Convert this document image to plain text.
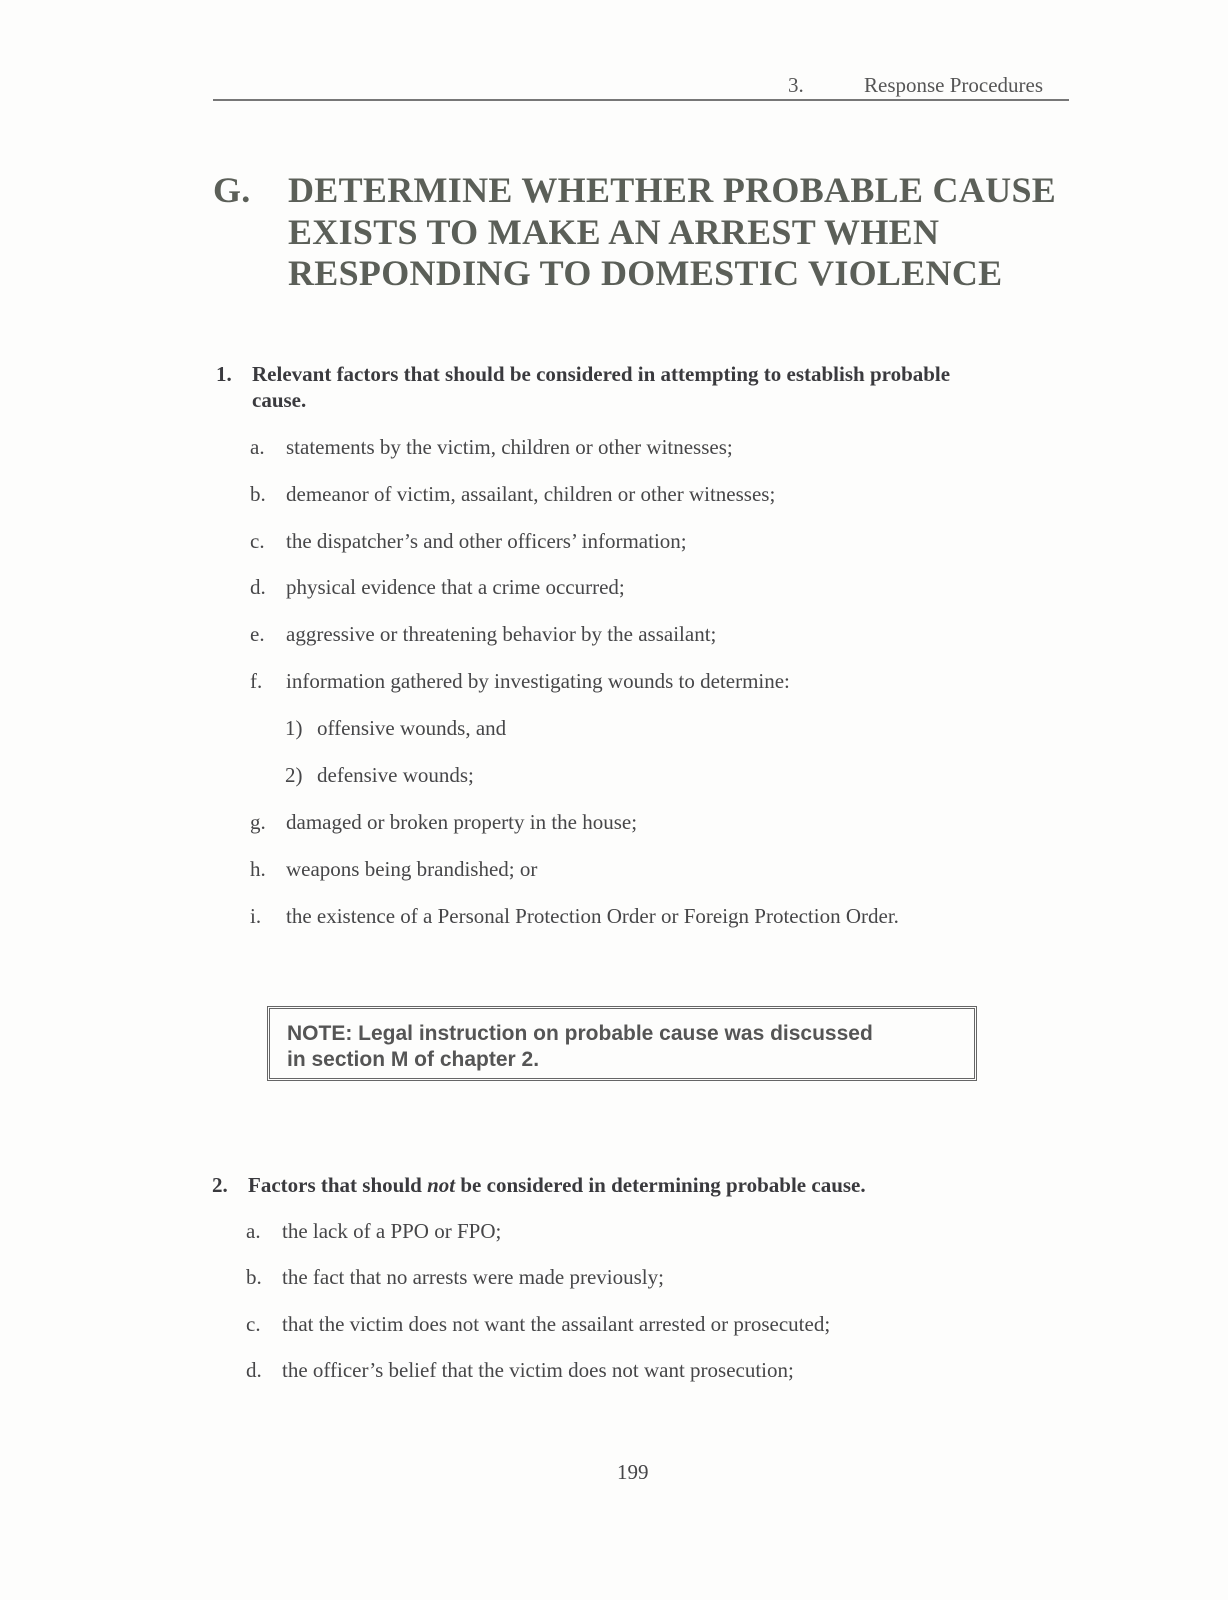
3.	Response Procedures
G. DETERMINE WHETHER PROBABLE CAUSE
EXISTS TO MAKE AN ARREST WHEN
RESPONDING TO DOMESTIC VIOLENCE
1. Relevant factors that should be considered in attempting to establish probable
cause.
a. statements by the victim, children or other witnesses;
b. demeanor of victim, assailant, children or other witnesses;
c. the dispatcher’s and other officers’ information;
d. physical evidence that a crime occurred;
e. aggressive or threatening behavior by the assailant;
f. information gathered by investigating wounds to determine:
1) offensive wounds, and
2) defensive wounds;
g. damaged or broken property in the house;
h. weapons being brandished; or
i. the existence of a Personal Protection Order or Foreign Protection Order.
NOTE: Legal instruction on probable cause was discussed
in section M of chapter 2.
2. Factors that should not be considered in determining probable cause.
a. the lack of a PPO or FPO;
b. the fact that no arrests were made previously;
c. that the victim does not want the assailant arrested or prosecuted;
d. the officer’s belief that the victim does not want prosecution;
199
